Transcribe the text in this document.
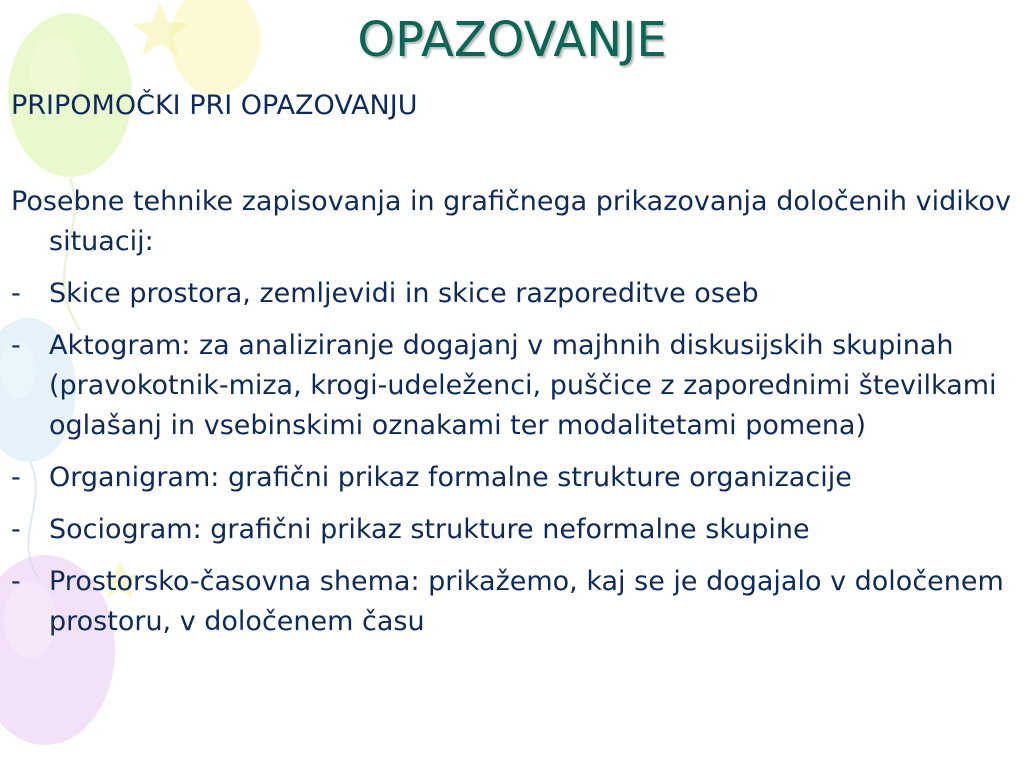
OPAZOVANJE

PRIPOMOČKI PRI OPAZOVANJU

Posebne tehnike zapisovanja in grafičnega prikazovanja določenih vidikov situacij:

-	Skice prostora, zemljevidi in skice razporeditve oseb
-	Aktogram: za analiziranje dogajanj v majhnih diskusijskih skupinah (pravokotnik-miza, krogi-udeleženci, puščice z zaporednimi številkami oglašanj in vsebinskimi oznakami ter modalitetami pomena)
-	Organigram: grafični prikaz formalne strukture organizacije
-	Sociogram: grafični prikaz strukture neformalne skupine
-	Prostorsko-časovna shema: prikažemo, kaj se je dogajalo v določenem prostoru, v določenem času
